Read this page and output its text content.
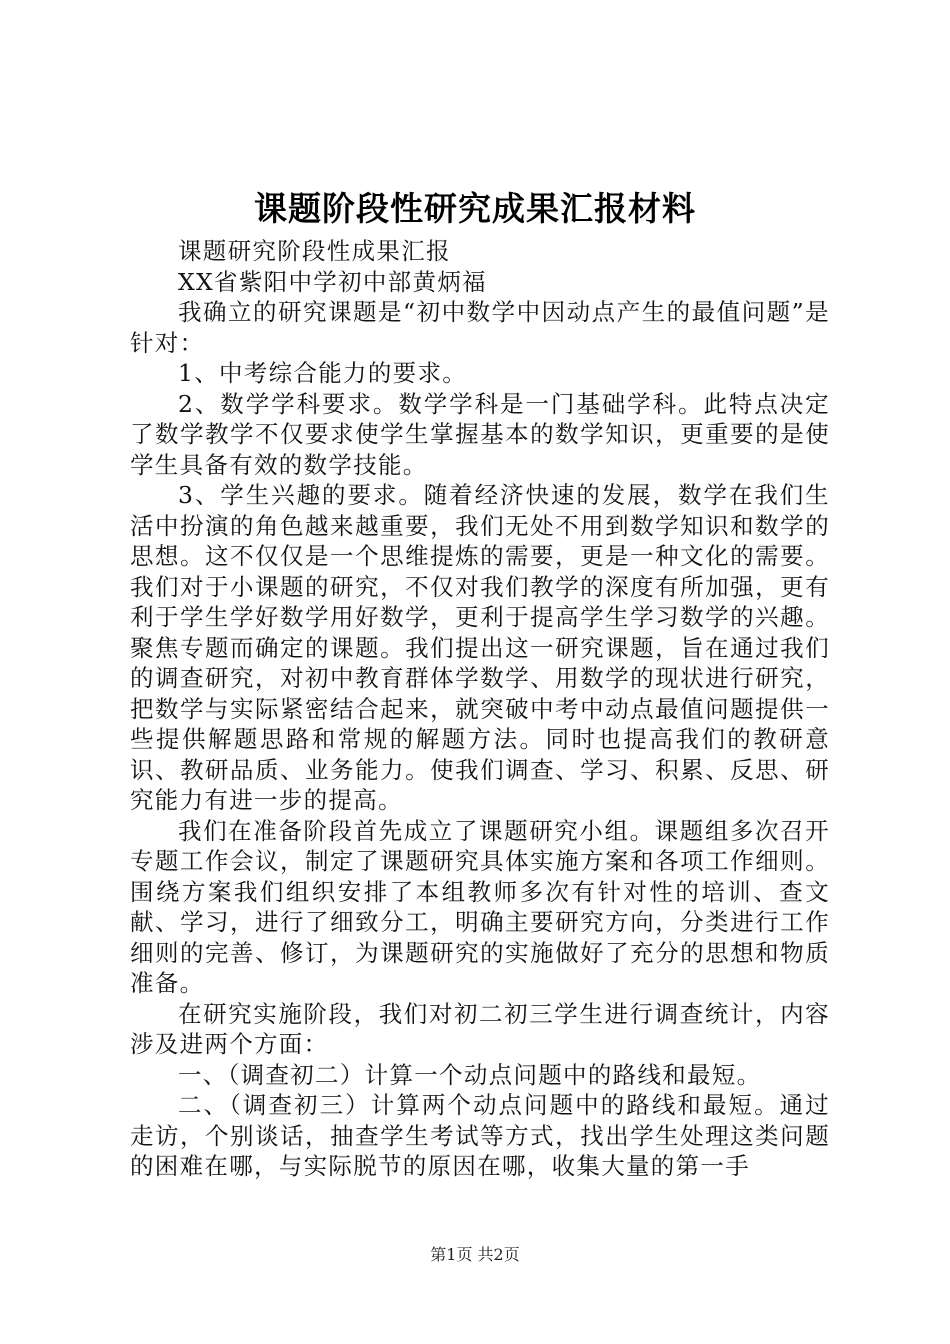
课题阶段性研究成果汇报材料

课题研究阶段性成果汇报

XX省紫阳中学初中部黄炳福

我确立的研究课题是“初中数学中因动点产生的最值问题”是针对：

1、中考综合能力的要求。

2、数学学科要求。数学学科是一门基础学科。此特点决定了数学教学不仅要求使学生掌握基本的数学知识，更重要的是使学生具备有效的数学技能。

3、学生兴趣的要求。随着经济快速的发展，数学在我们生活中扮演的角色越来越重要，我们无处不用到数学知识和数学的思想。这不仅仅是一个思维提炼的需要，更是一种文化的需要。我们对于小课题的研究，不仅对我们教学的深度有所加强，更有利于学生学好数学用好数学，更利于提高学生学习数学的兴趣。聚焦专题而确定的课题。我们提出这一研究课题，旨在通过我们的调查研究，对初中教育群体学数学、用数学的现状进行研究，把数学与实际紧密结合起来，就突破中考中动点最值问题提供一些提供解题思路和常规的解题方法。同时也提高我们的教研意识、教研品质、业务能力。使我们调查、学习、积累、反思、研究能力有进一步的提高。

我们在准备阶段首先成立了课题研究小组。课题组多次召开专题工作会议，制定了课题研究具体实施方案和各项工作细则。围绕方案我们组织安排了本组教师多次有针对性的培训、查文献、学习，进行了细致分工，明确主要研究方向，分类进行工作细则的完善、修订，为课题研究的实施做好了充分的思想和物质准备。

在研究实施阶段，我们对初二初三学生进行调查统计，内容涉及进两个方面：

一、（调查初二）计算一个动点问题中的路线和最短。

二、（调查初三）计算两个动点问题中的路线和最短。通过走访，个别谈话，抽查学生考试等方式，找出学生处理这类问题的困难在哪，与实际脱节的原因在哪，收集大量的第一手

第1页 共2页
